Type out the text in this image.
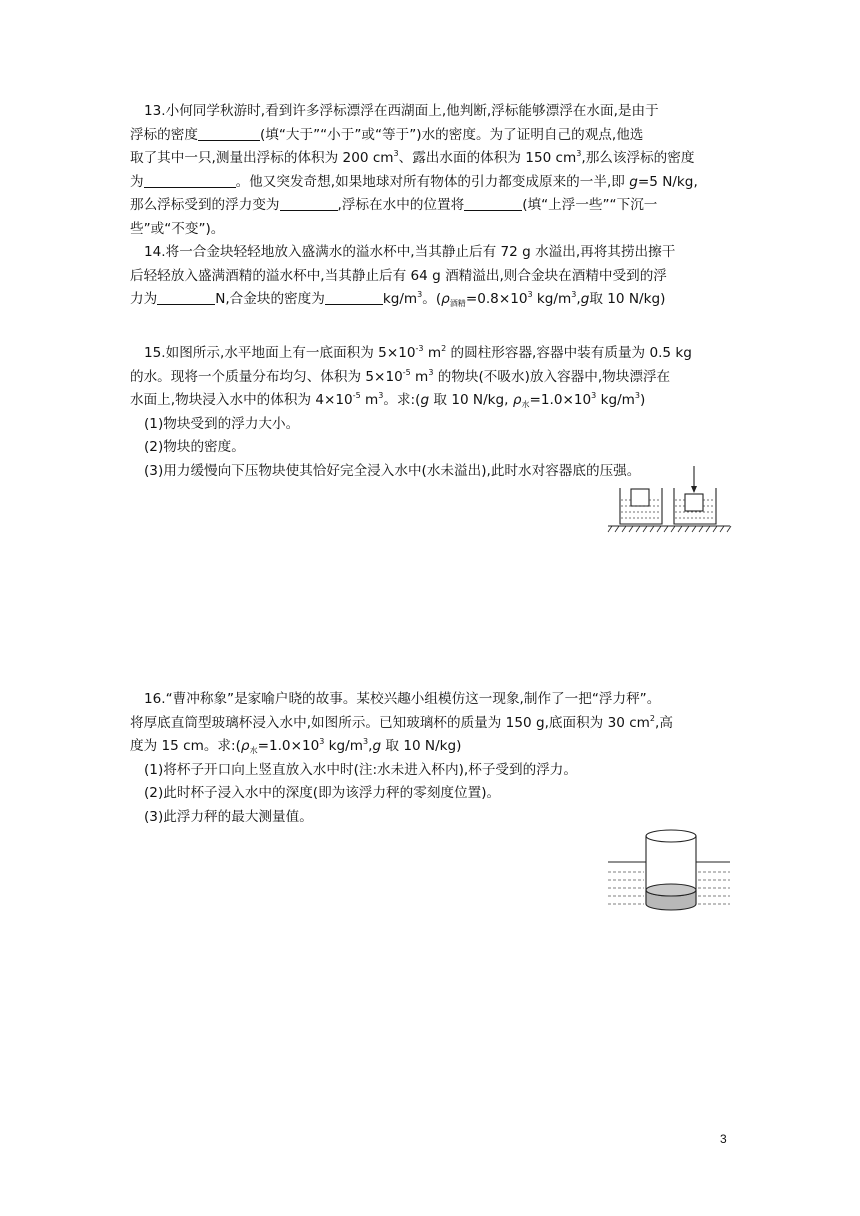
13.小何同学秋游时,看到许多浮标漂浮在西湖面上,他判断,浮标能够漂浮在水面,是由于

浮标的密度	(填“大于”“小于”或“等于”)水的密度。为了证明自己的观点,他选

取了其中一只,测量出浮标的体积为 200 $cm^3$、露出水面的体积为 150 $cm^3$,那么该浮标的密度

为	。他又突发奇想,如果地球对所有物体的引力都变成原来的一半,即 g=5 N/kg,

那么浮标受到的浮力变为	,浮标在水中的位置将	(填“上浮一些”“下沉一

些”或“不变”)。

14.将一合金块轻轻地放入盛满水的溢水杯中,当其静止后有 72 g 水溢出,再将其捞出擦干

后轻轻放入盛满酒精的溢水杯中,当其静止后有 64 g 酒精溢出,则合金块在酒精中受到的浮

力为	N,合金块的密度为	$kg/m^3$。($\rho_{酒精}=0.8\times 10^3$ $kg/m^3,g$取 10 N/kg)

15.如图所示,水平地面上有一底面积为 $5\times 10^{-3}$ $m^2$ 的圆柱形容器,容器中装有质量为 0.5 kg

的水。现将一个质量分布均匀、体积为 $5\times 10^{-5}$ $m^3$ 的物块(不吸水)放入容器中,物块漂浮在

水面上,物块浸入水中的体积为 $4\times 10^{-5}$ $m^3$。求:(g 取 10 N/kg, $\rho_水=1.0\times 10^3$ $kg/m^3$)

(1)物块受到的浮力大小。

(2)物块的密度。

(3)用力缓慢向下压物块使其恰好完全浸入水中(水未溢出),此时水对容器底的压强。

16.“曹冲称象”是家喻户晓的故事。某校兴趣小组模仿这一现象,制作了一把“浮力秤”。

将厚底直筒型玻璃杯浸入水中,如图所示。已知玻璃杯的质量为 150 g,底面积为 30 $cm^2$,高

度为 15 cm。求$:(\rho_水=1.0\times 10^3$ $kg/m^3,g$ 取 10 N/kg)

(1)将杯子开口向上竖直放入水中时(注:水未进入杯内),杯子受到的浮力。

(2)此时杯子浸入水中的深度(即为该浮力秤的零刻度位置)。

(3)此浮力秤的最大测量值。

3
